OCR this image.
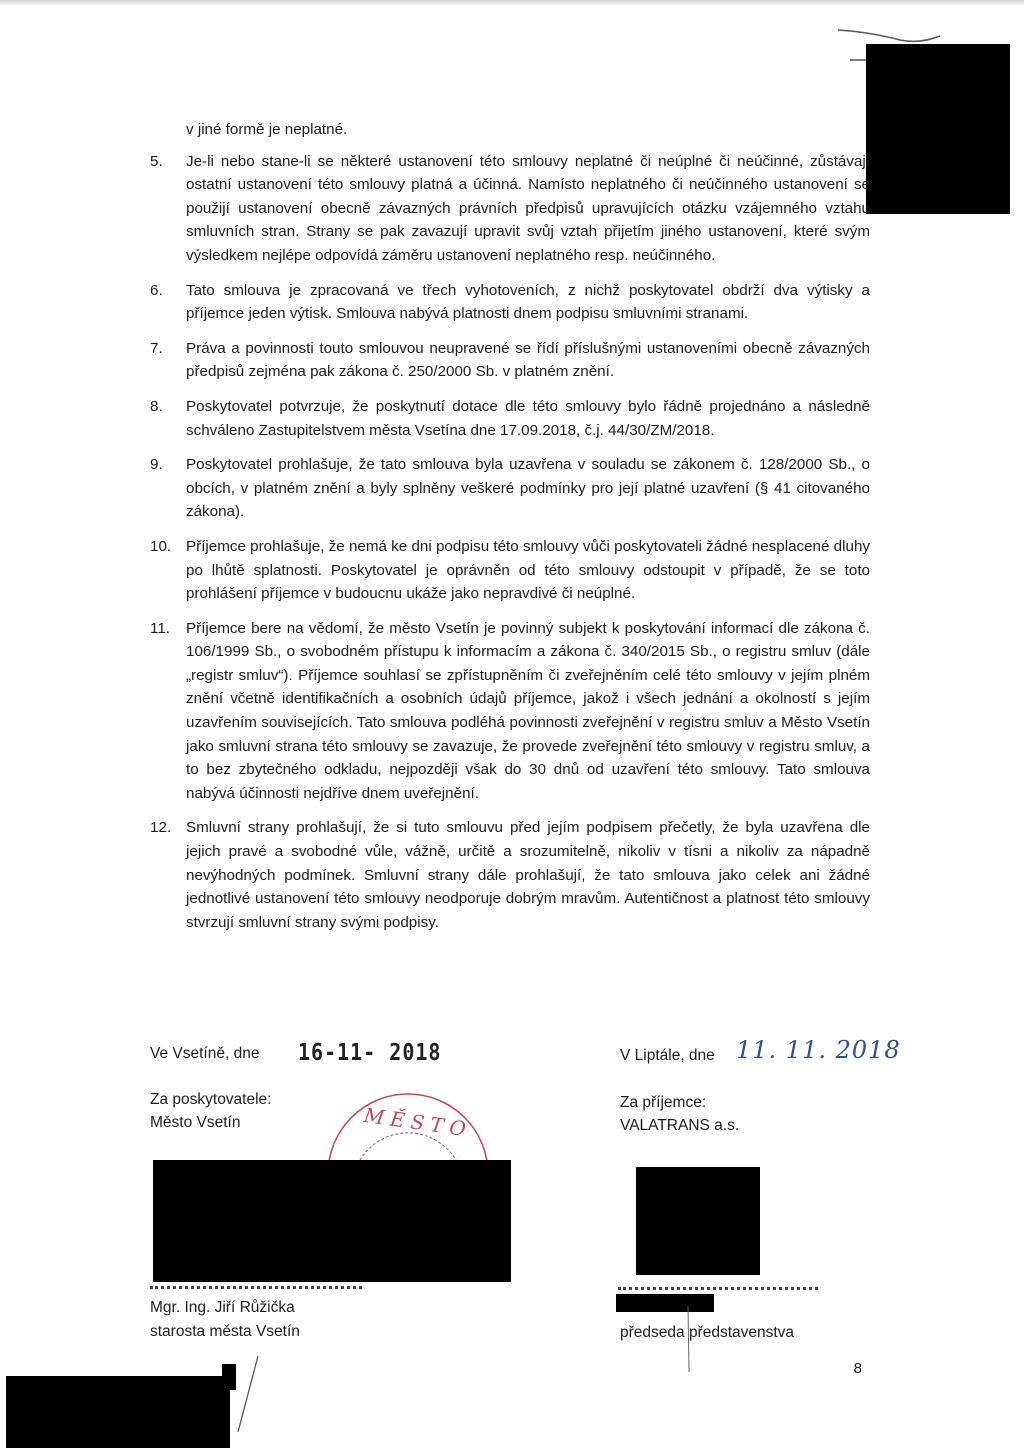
v jiné formě je neplatné.

5.	Je-li nebo stane-li se některé ustanovení této smlouvy neplatné či neúplné či neúčinné, zůstávají ostatní ustanovení této smlouvy platná a účinná. Namísto neplatného či neúčinného ustanovení se použijí ustanovení obecně závazných právních předpisů upravujících otázku vzájemného vztahu smluvních stran. Strany se pak zavazují upravit svůj vztah přijetím jiného ustanovení, které svým výsledkem nejlépe odpovídá záměru ustanovení neplatného resp. neúčinného.
6.	Tato smlouva je zpracovaná ve třech vyhotoveních, z nichž poskytovatel obdrží dva výtisky a příjemce jeden výtisk. Smlouva nabývá platnosti dnem podpisu smluvními stranami.
7.	Práva a povinnosti touto smlouvou neupravené se řídí příslušnými ustanoveními obecně závazných předpisů zejména pak zákona č. 250/2000 Sb. v platném znění.
8.	Poskytovatel potvrzuje, že poskytnutí dotace dle této smlouvy bylo řádně projednáno a následně schváleno Zastupitelstvem města Vsetína dne 17.09.2018, č.j. 44/30/ZM/2018.
9.	Poskytovatel prohlašuje, že tato smlouva byla uzavřena v souladu se zákonem č. 128/2000 Sb., o obcích, v platném znění a byly splněny veškeré podmínky pro její platné uzavření (§ 41 citovaného zákona).
10. Příjemce prohlašuje, že nemá ke dni podpisu této smlouvy vůči poskytovateli žádné nesplacené dluhy po lhůtě splatnosti. Poskytovatel je oprávněn od této smlouvy odstoupit v případě, že se toto prohlášení příjemce v budoucnu ukáže jako nepravdivé či neúplné.
11.	Příjemce bere na vědomí, že město Vsetín je povinný subjekt k poskytování informací dle zákona č. 106/1999 Sb., o svobodném přístupu k informacím a zákona č. 340/2015 Sb., o registru smluv (dále „registr smluv“). Příjemce souhlasí se zpřístupněním či zveřejněním celé této smlouvy v jejím plném znění včetně identifikačních a osobních údajů příjemce, jakož i všech jednání a okolností s jejím uzavřením souvisejících. Tato smlouva podléhá povinnosti zveřejnění v registru smluv a Město Vsetín jako smluvní strana této smlouvy se zavazuje, že provede zveřejnění této smlouvy v registru smluv, a to bez zbytečného odkladu, nejpozději však do 30 dnů od uzavření této smlouvy. Tato smlouva nabývá účinnosti nejdříve dnem uveřejnění.
12. Smluvní strany prohlašují, že si tuto smlouvu před jejím podpisem přečetly, že byla uzavřena dle jejich pravé a svobodné vůle, vážně, určitě a srozumitelně, nikoliv v tísni a nikoliv za nápadně nevýhodných podmínek. Smluvní strany dále prohlašují, že tato smlouva jako celek ani žádné jednotlivé ustanovení této smlouvy neodporuje dobrým mravům. Autentičnost a platnost této smlouvy stvrzují smluvní strany svými podpisy.
Ve Vsetíně, dne 16-11- 2018
Za poskytovatele:
Město Vsetín	MĚSTO
Mgr. Ing. Jiří Růžička
starosta města Vsetín
V Liptále, dne 11. 11. 2018
Za příjemce:
VALATRANS a.s.
předseda představenstva
8
